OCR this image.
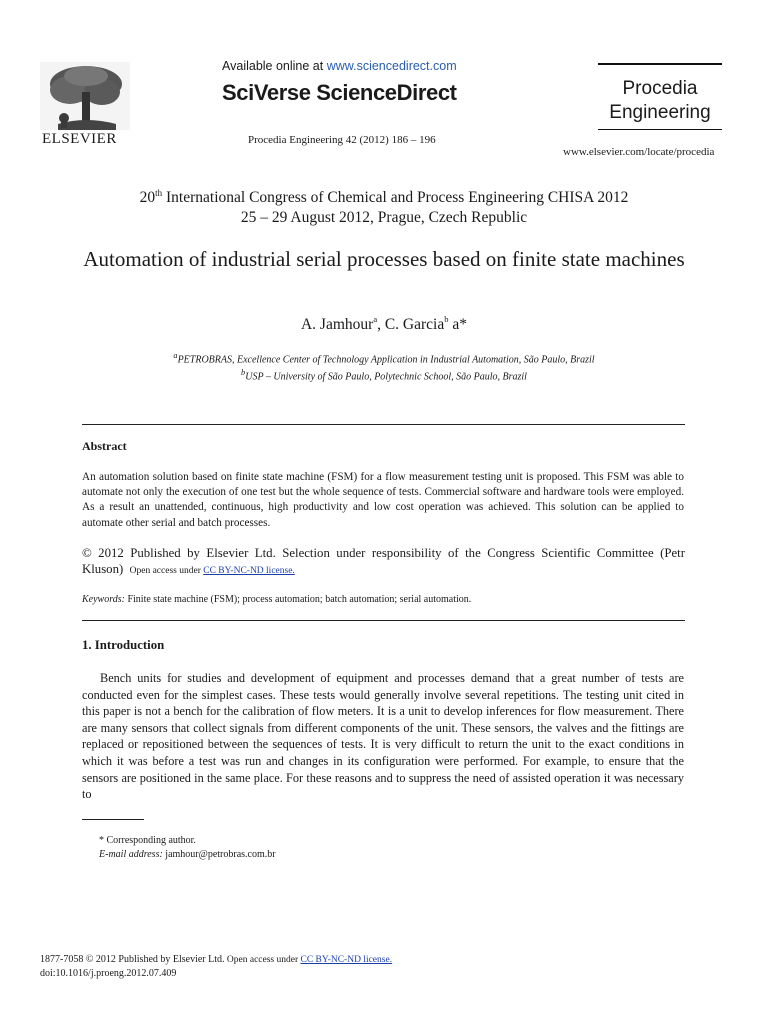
ELSEVIER
Available online at www.sciencedirect.com
SciVerse ScienceDirect
Procedia Engineering 42 (2012) 186 – 196
Procedia
Engineering
www.elsevier.com/locate/procedia
20th International Congress of Chemical and Process Engineering CHISA 2012
25 – 29 August 2012, Prague, Czech Republic
Automation of industrial serial processes based on finite state machines
A. Jamhour$^a$, C. Garcia$^b$ a*
$^a$PETROBRAS, Excellence Center of Technology Application in Industrial Automation, São Paulo, Brazil
$^b$USP – University of São Paulo, Polytechnic School, São Paulo, Brazil
Abstract
An automation solution based on finite state machine (FSM) for a flow measurement testing unit is proposed. This FSM was able to automate not only the execution of one test but the whole sequence of tests. Commercial software and hardware tools were employed. As a result an unattended, continuous, high productivity and low cost operation was achieved. This solution can be applied to automate other serial and batch processes.
© 2012 Published by Elsevier Ltd. Selection under responsibility of the Congress Scientific Committee (Petr Kluson) Open access under CC BY-NC-ND license.
Keywords: Finite state machine (FSM); process automation; batch automation; serial automation.
1. Introduction
Bench units for studies and development of equipment and processes demand that a great number of tests are conducted even for the simplest cases. These tests would generally involve several repetitions. The testing unit cited in this paper is not a bench for the calibration of flow meters. It is a unit to develop inferences for flow measurement. There are many sensors that collect signals from different components of the unit. These sensors, the valves and the fittings are replaced or repositioned between the sequences of tests. It is very difficult to return the unit to the exact conditions in which it was before a test was run and changes in its configuration were performed. For example, to ensure that the sensors are positioned in the same place. For these reasons and to suppress the need of assisted operation it was necessary to
* Corresponding author.
E-mail address: jamhour@petrobras.com.br
1877-7058 © 2012 Published by Elsevier Ltd. Open access under CC BY-NC-ND license.
doi:10.1016/j.proeng.2012.07.409
